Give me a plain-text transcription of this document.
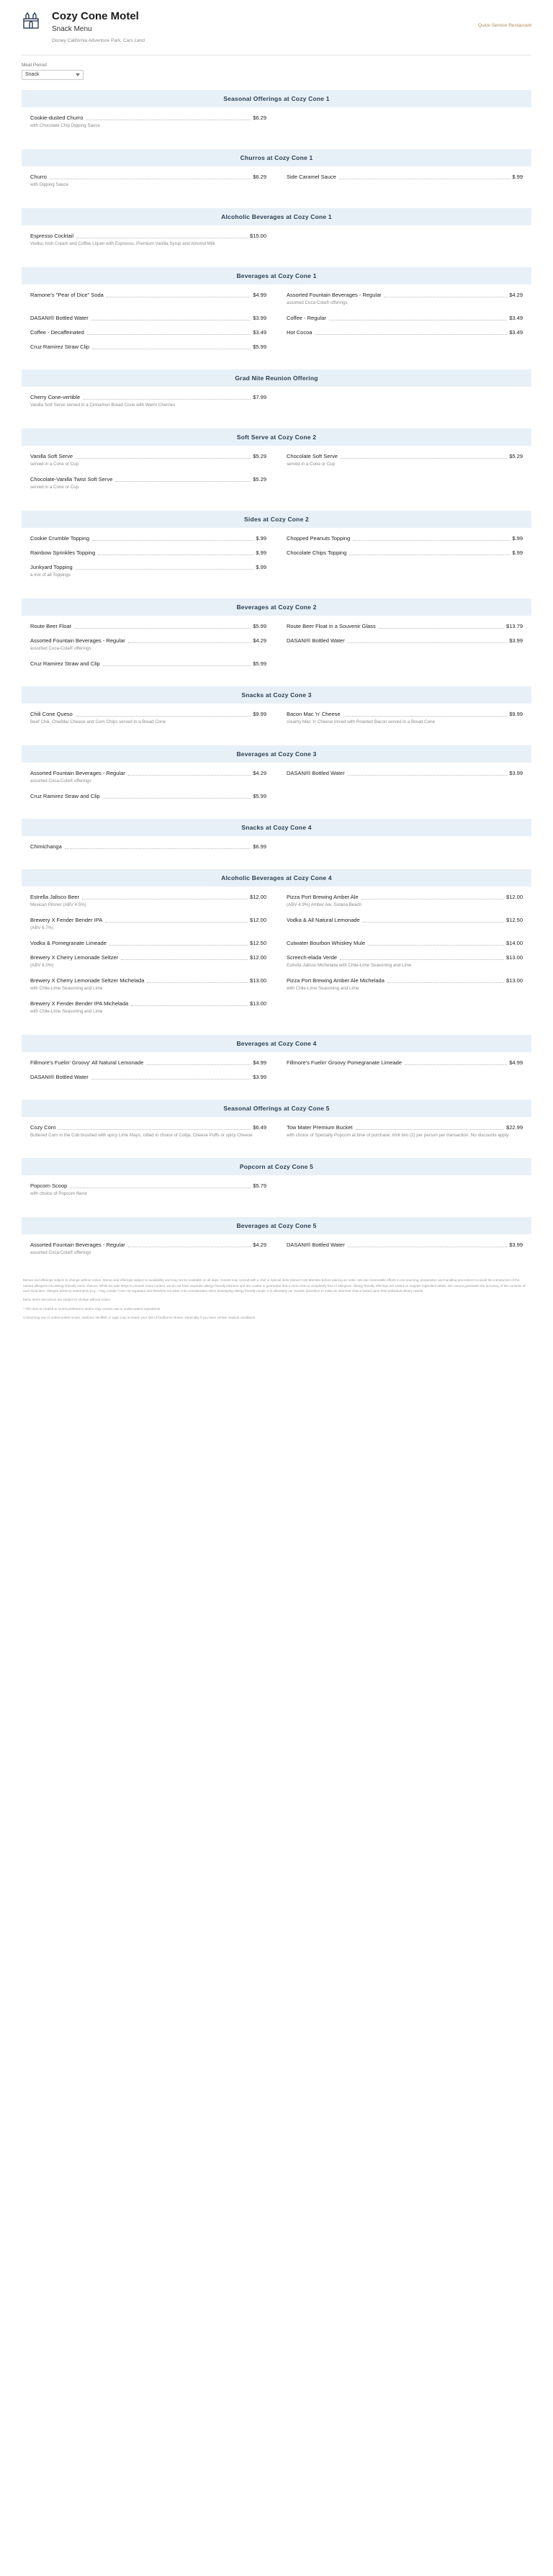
Cozy Cone Motel
Snack Menu
Disney California Adventure Park, Cars Land
Quick-Service Restaurant
Meal Period
Snack
Seasonal Offerings at Cozy Cone 1
Cookie-dusted Churro	$6.29
with Chocolate Chip Dipping Sauce
Churros at Cozy Cone 1
Churro	$6.29
with Dipping Sauce
Side Caramel Sauce	$.99
Alcoholic Beverages at Cozy Cone 1
Espresso Cocktail	$15.00
Vodka, Irish Cream and Coffee Liquer with Espresso, Premium Vanilla Syrup and Almond Milk
Beverages at Cozy Cone 1
Ramone's "Pear of Dice" Soda	$4.99	Assorted Fountain Beverages - Regular	$4.29
assorted Coca-Cola® offerings
DASANI® Bottled Water	$3.99	Coffee - Regular	$3.49
Coffee - Decaffeinated	$3.49	Hot Cocoa	$3.49
Cruz Ramirez Straw Clip	$5.99
Grad Nite Reunion Offering
Cherry Cone-vertible	$7.99
Vanilla Soft Serve served in a Cinnamon Bread Cone with Warm Cherries
Soft Serve at Cozy Cone 2
Vanilla Soft Serve	$5.29
served in a Cone or Cup
Chocolate Soft Serve	$5.29
served in a Cone or Cup
Chocolate-Vanilla Twist Soft Serve	$5.29
served in a Cone or Cup
Sides at Cozy Cone 2
Cookie Crumble Topping	$.99	Chopped Peanuts Topping	$.99
Rainbow Sprinkles Topping	$.99	Chocolate Chips Topping	$.99
Junkyard Topping	$.99
a mix of all Toppings
Beverages at Cozy Cone 2
Route Beer Float	$5.99	Route Beer Float in a Souvenir Glass	$13.79
Assorted Fountain Beverages - Regular	$4.29
assorted Coca-Cola® offerings
DASANI® Bottled Water	$3.99
Cruz Ramirez Straw and Clip	$5.99
Snacks at Cozy Cone 3
Chili Cone Queso	$9.99
Beef Chili, Cheddar Cheese and Corn Chips served in a Bread Cone
Bacon Mac 'n' Cheese	$9.99
creamy Mac 'n' Cheese mixed with Roasted Bacon served in a Bread Cone
Beverages at Cozy Cone 3
Assorted Fountain Beverages - Regular	$4.29
assorted Coca-Cola® offerings
DASANI® Bottled Water	$3.99
Cruz Ramirez Straw and Clip	$5.99
Snacks at Cozy Cone 4
Chimichanga	$6.99
Alcoholic Beverages at Cozy Cone 4
Estrella Jalisco Beer	$12.00
Mexican Pilsner (ABV 4.5%)
Pizza Port Brewing Amber Ale	$12.00
(ABV 4.9%) Amber Ale, Solana Beach
Brewery X Fender Bender IPA	$12.00
(ABV 6.7%)
Vodka & All Natural Lemonade	$12.50
Vodka & Pomegranate Limeade	$12.50	Cutwater Bourbon Whiskey Mule	$14.00
Brewery X Cherry Lemonade Seltzer	$12.00
(ABV 6.0%)
Screech-elada Verde	$13.00
Estrella Jalisco Michelada with Chile-Lime Seasoning and Lime
Brewery X Cherry Lemonade Seltzer Michelada	$13.00
with Chile-Lime Seasoning and Lime
Pizza Port Brewing Amber Ale Michelada	$13.00
with Chile-Lime Seasoning and Lime
Brewery X Fender Bender IPA Michelada	$13.00
with Chile-Lime Seasoning and Lime
Beverages at Cozy Cone 4
Fillmore's Fuelin' Groovy' All Natural Lemonade	$4.99	Fillmore's Fuelin' Groovy Pomegranate Limeade	$4.99
DASANI® Bottled Water	$3.99
Seasonal Offerings at Cozy Cone 5
Cozy Corn	$6.49
Buttered Corn in the Cob brushed with spicy Lime Mayo, rolled in choice of Cotija, Cheese Puffs or spicy Cheese
Tow Mater Premium Bucket	$22.99
with choice of Specialty Popcorn at time of purchase; limit two (2) per person per transaction. No discounts apply.
Popcorn at Cozy Cone 5
Popcorn Scoop	$5.79
with choice of Popcorn flavor
Beverages at Cozy Cone 5
Assorted Fountain Beverages - Regular	$4.29
assorted Coca-Cola® offerings
DASANI® Bottled Water	$3.99

Menus and offerings subject to change without notice. Menus and offerings subject to availability and may not be available on all days. Guests may consult with a chef or special diets trained Cast Member before placing an order. We use reasonable efforts in our sourcing, preparation and handling procedures to avoid the introduction of the named allergens into allergy-friendly menu choices. While we take steps to prevent cross-contact, we do not have separate allergy-friendly kitchens and are unable to guarantee that a menu item is completely free of allergens. Allergy-friendly offerings are reliant on supplier ingredient labels. We cannot guarantee the accuracy of the contents of each food item. Allergen advisory statements (e.g., "may contain") are not regulated and therefore not taken into consideration when developing allergy-friendly meals. It is ultimately our Guests' discretion to make an informed choice based upon their individual dietary needs.

Menu items and prices are subject to change without notice.

* This item is cooked to Guest preference and/or may contain raw or undercooked ingredients.

Consuming raw or undercooked meats, seafood, shellfish or eggs may increase your risk of foodborne illness, especially if you have certain medical conditions.
